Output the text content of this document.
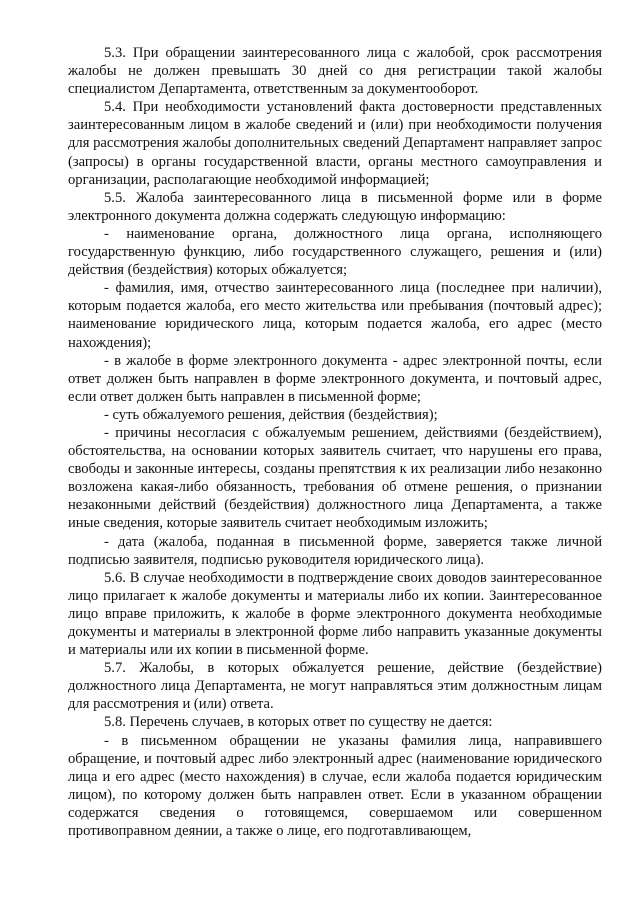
5.3. При обращении заинтересованного лица с жалобой, срок рассмотрения жалобы не должен превышать 30 дней со дня регистрации такой жалобы специалистом Департамента, ответственным за документооборот.

5.4. При необходимости установлений факта достоверности представленных заинтересованным лицом в жалобе сведений и (или) при необходимости получения для рассмотрения жалобы дополнительных сведений Департамент направляет запрос (запросы) в органы государственной власти, органы местного самоуправления и организации, располагающие необходимой информацией;

5.5. Жалоба заинтересованного лица в письменной форме или в форме электронного документа должна содержать следующую информацию:

- наименование органа, должностного лица органа, исполняющего государственную функцию, либо государственного служащего, решения и (или) действия (бездействия) которых обжалуется;

- фамилия, имя, отчество заинтересованного лица (последнее при наличии), которым подается жалоба, его место жительства или пребывания (почтовый адрес); наименование юридического лица, которым подается жалоба, его адрес (место нахождения);

- в жалобе в форме электронного документа - адрес электронной почты, если ответ должен быть направлен в форме электронного документа, и почтовый адрес, если ответ должен быть направлен в письменной форме;

- суть обжалуемого решения, действия (бездействия);

- причины несогласия с обжалуемым решением, действиями (бездействием), обстоятельства, на основании которых заявитель считает, что нарушены его права, свободы и законные интересы, созданы препятствия к их реализации либо незаконно возложена какая-либо обязанность, требования об отмене решения, о признании незаконными действий (бездействия) должностного лица Департамента, а также иные сведения, которые заявитель считает необходимым изложить;

- дата (жалоба, поданная в письменной форме, заверяется также личной подписью заявителя, подписью руководителя юридического лица).

5.6. В случае необходимости в подтверждение своих доводов заинтересованное лицо прилагает к жалобе документы и материалы либо их копии. Заинтересованное лицо вправе приложить, к жалобе в форме электронного документа необходимые документы и материалы в электронной форме либо направить указанные документы и материалы или их копии в письменной форме.

5.7. Жалобы, в которых обжалуется решение, действие (бездействие) должностного лица Департамента, не могут направляться этим должностным лицам для рассмотрения и (или) ответа.

5.8. Перечень случаев, в которых ответ по существу не дается:

- в письменном обращении не указаны фамилия лица, направившего обращение, и почтовый адрес либо электронный адрес (наименование юридического лица и его адрес (место нахождения) в случае, если жалоба подается юридическим лицом), по которому должен быть направлен ответ. Если в указанном обращении содержатся сведения о готовящемся, совершаемом или совершенном противоправном деянии, а также о лице, его подготавливающем,
